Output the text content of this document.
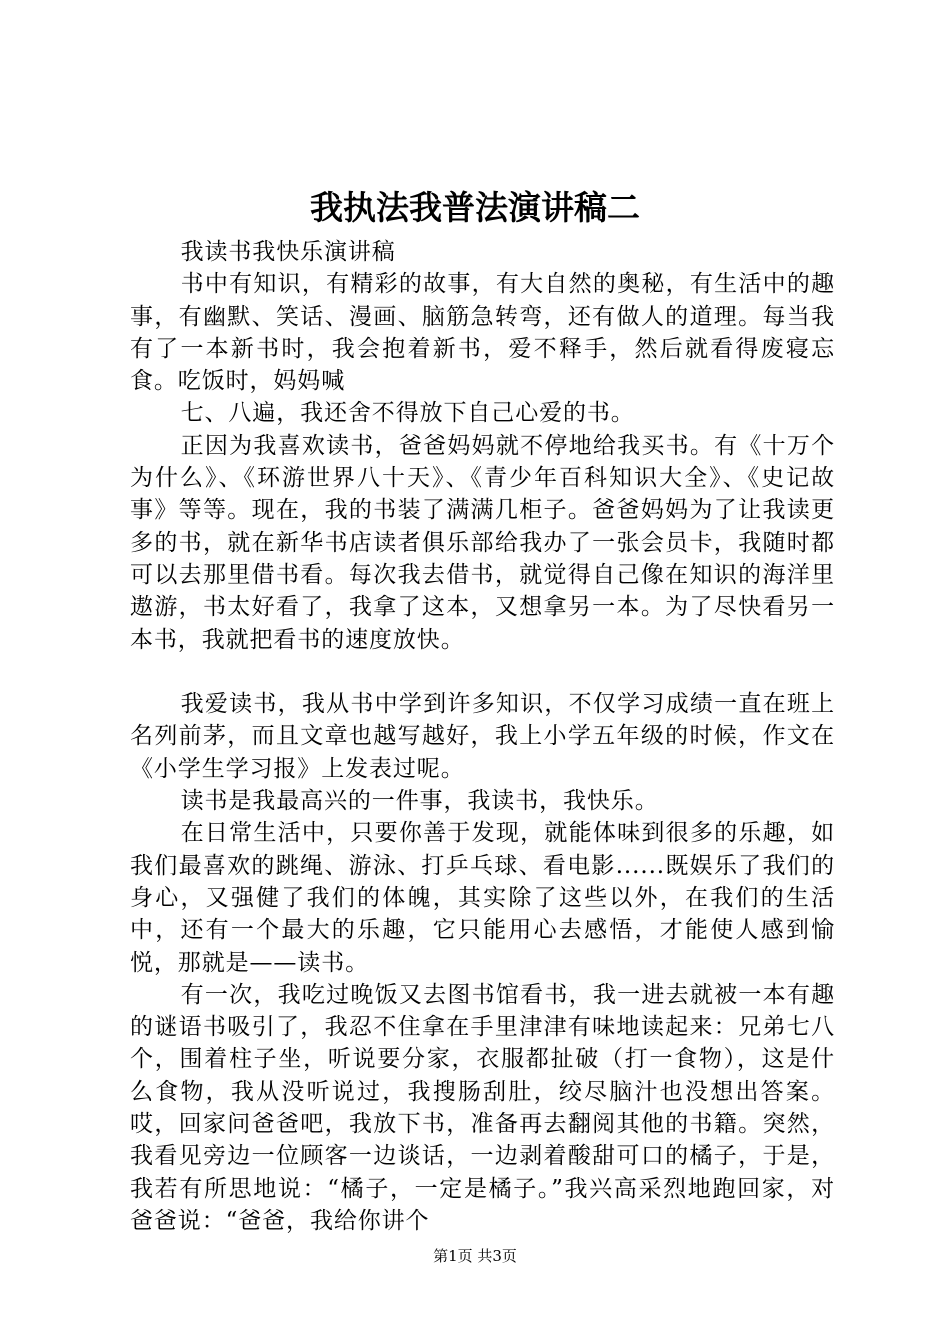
我执法我普法演讲稿二

我读书我快乐演讲稿

书中有知识，有精彩的故事，有大自然的奥秘，有生活中的趣事，有幽默、笑话、漫画、脑筋急转弯，还有做人的道理。每当我有了一本新书时，我会抱着新书，爱不释手，然后就看得废寝忘食。吃饭时，妈妈喊

七、八遍，我还舍不得放下自己心爱的书。

正因为我喜欢读书，爸爸妈妈就不停地给我买书。有《十万个为什么》、《环游世界八十天》、《青少年百科知识大全》、《史记故事》等等。现在，我的书装了满满几柜子。爸爸妈妈为了让我读更多的书，就在新华书店读者俱乐部给我办了一张会员卡，我随时都可以去那里借书看。每次我去借书，就觉得自己像在知识的海洋里遨游，书太好看了，我拿了这本，又想拿另一本。为了尽快看另一本书，我就把看书的速度放快。

我爱读书，我从书中学到许多知识，不仅学习成绩一直在班上名列前茅，而且文章也越写越好，我上小学五年级的时候，作文在《小学生学习报》上发表过呢。

读书是我最高兴的一件事，我读书，我快乐。

在日常生活中，只要你善于发现，就能体味到很多的乐趣，如我们最喜欢的跳绳、游泳、打乒乓球、看电影......既娱乐了我们的身心，又强健了我们的体魄，其实除了这些以外，在我们的生活中，还有一个最大的乐趣，它只能用心去感悟，才能使人感到愉悦，那就是——读书。

有一次，我吃过晚饭又去图书馆看书，我一进去就被一本有趣的谜语书吸引了，我忍不住拿在手里津津有味地读起来：兄弟七八个，围着柱子坐，听说要分家，衣服都扯破（打一食物），这是什么食物，我从没听说过，我搜肠刮肚，绞尽脑汁也没想出答案。哎，回家问爸爸吧，我放下书，准备再去翻阅其他的书籍。突然，我看见旁边一位顾客一边谈话，一边剥着酸甜可口的橘子，于是，我若有所思地说：“橘子，一定是橘子。”我兴高采烈地跑回家，对爸爸说：“爸爸，我给你讲个

第1页 共3页
